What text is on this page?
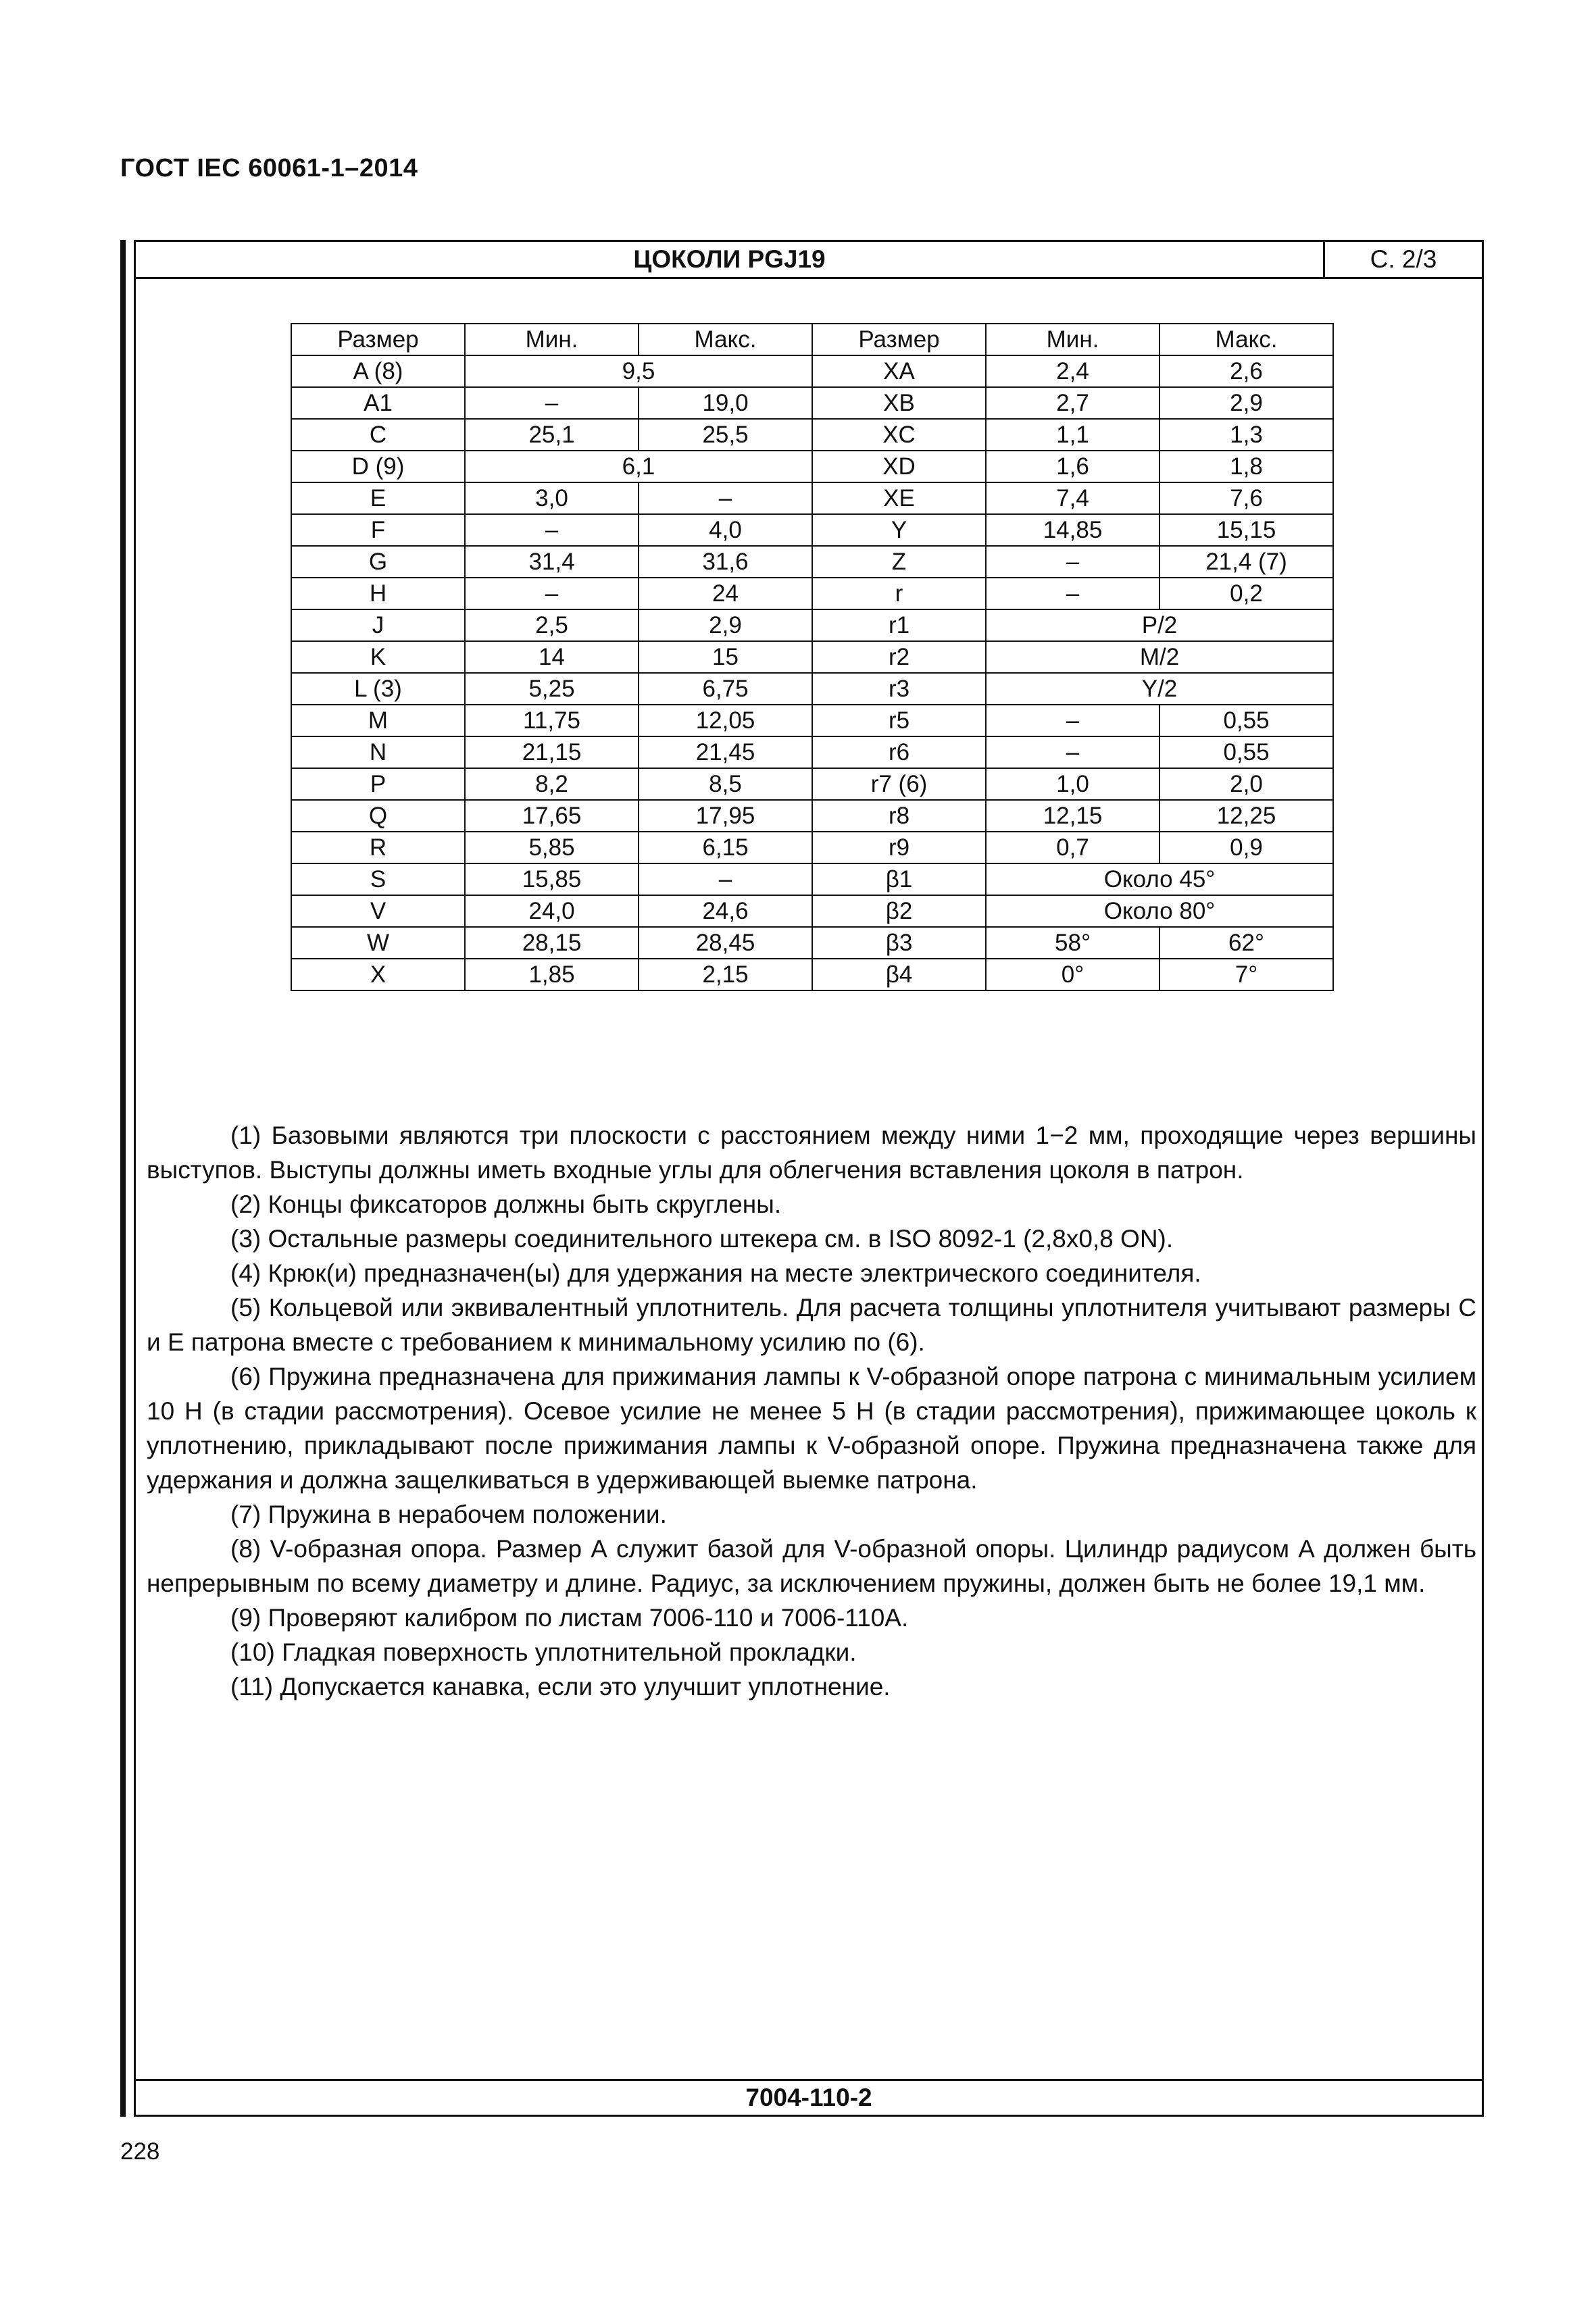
ГОСТ IEC 60061-1–2014
ЦОКОЛИ PGJ19	С. 2/3
Размер	Мин.	Макс.	Размер	Мин.	Макс.
A (8)	9,5		XA	2,4	2,6
A1	–	19,0	XB	2,7	2,9
C	25,1	25,5	XC	1,1	1,3
D (9)	6,1		XD	1,6	1,8
E	3,0	–	XE	7,4	7,6
F	–	4,0	Y	14,85	15,15
G	31,4	31,6	Z	–	21,4 (7)
H	–	24	r	–	0,2
J	2,5	2,9	r1	P/2	
K	14	15	r2	M/2	
L (3)	5,25	6,75	r3	Y/2	
M	11,75	12,05	r5	–	0,55
N	21,15	21,45	r6	–	0,55
P	8,2	8,5	r7 (6)	1,0	2,0
Q	17,65	17,95	r8	12,15	12,25
R	5,85	6,15	r9	0,7	0,9
S	15,85	–	β1	Около 45°	
V	24,0	24,6	β2	Около 80°	
W	28,15	28,45	β3	58°	62°
X	1,85	2,15	β4	0°	7°

(1) Базовыми являются три плоскости с расстоянием между ними 1−2 мм, проходящие через вершины выступов. Выступы должны иметь входные углы для облегчения вставления цоколя в патрон.

(2) Концы фиксаторов должны быть скруглены.

(3) Остальные размеры соединительного штекера см. в ISO 8092-1 (2,8x0,8 ON).

(4) Крюк(и) предназначен(ы) для удержания на месте электрического соединителя.

(5) Кольцевой или эквивалентный уплотнитель. Для расчета толщины уплотнителя учитывают размеры С и Е патрона вместе с требованием к минимальному усилию по (6).

(6) Пружина предназначена для прижимания лампы к V-образной опоре патрона с минимальным усилием 10 Н (в стадии рассмотрения). Осевое усилие не менее 5 Н (в стадии рассмотрения), прижимающее цоколь к уплотнению, прикладывают после прижимания лампы к V-образной опоре. Пружина предназначена также для удержания и должна защелкиваться в удерживающей выемке патрона.

(7) Пружина в нерабочем положении.

(8) V-образная опора. Размер А служит базой для V-образной опоры. Цилиндр радиусом А должен быть непрерывным по всему диаметру и длине. Радиус, за исключением пружины, должен быть не более 19,1 мм.

(9) Проверяют калибром по листам 7006-110 и 7006-110А.

(10) Гладкая поверхность уплотнительной прокладки.

(11) Допускается канавка, если это улучшит уплотнение.

7004-110-2
228
